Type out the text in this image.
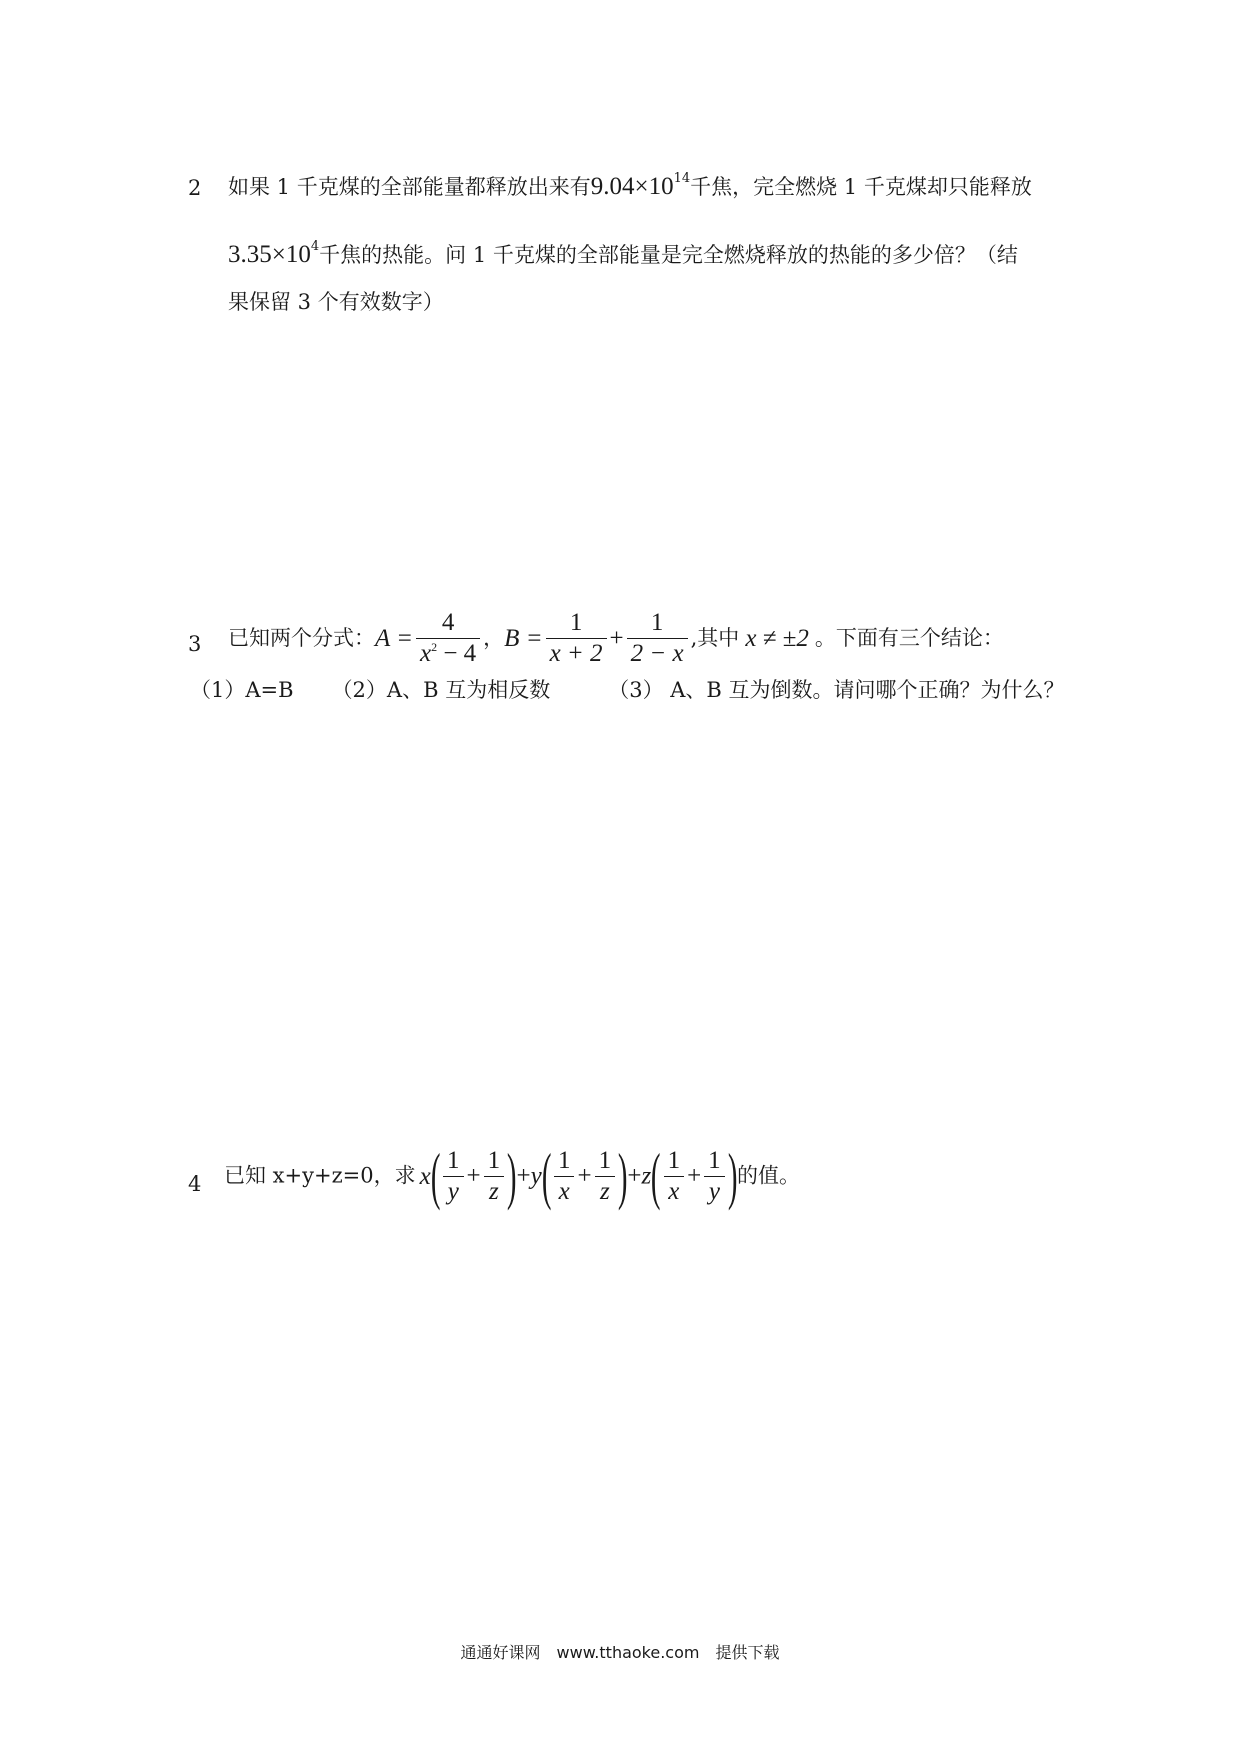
2 如果 1 千克煤的全部能量都释放出来有$9.04\times 10^{14}$千焦，完全燃烧 1 千克煤却只能释放
$3.35\times 10^4$千焦的热能。问 1 千克煤的全部能量是完全燃烧释放的热能的多少倍？（结
果保留 3 个有效数字）
3 已知两个分式：$A = \frac{4}{x^2 - 4}$ ，$B = \frac{1}{x + 2} + \frac{1}{2 - x}$ ,其中 x ≠ ±2 。下面有三个结论：
（1）A=B （2）A、B 互为相反数	（3） A、B 互为倒数。请问哪个正确？为什么？
4 已知 x+y+z=0，求 $x( \frac{1}{y} + \frac{1}{z} )+y( \frac{1}{x} + \frac{1}{z} )+z( \frac{1}{x} + \frac{1}{y}$ )的值。
通通好课网　www.tthaoke.com　提供下载
